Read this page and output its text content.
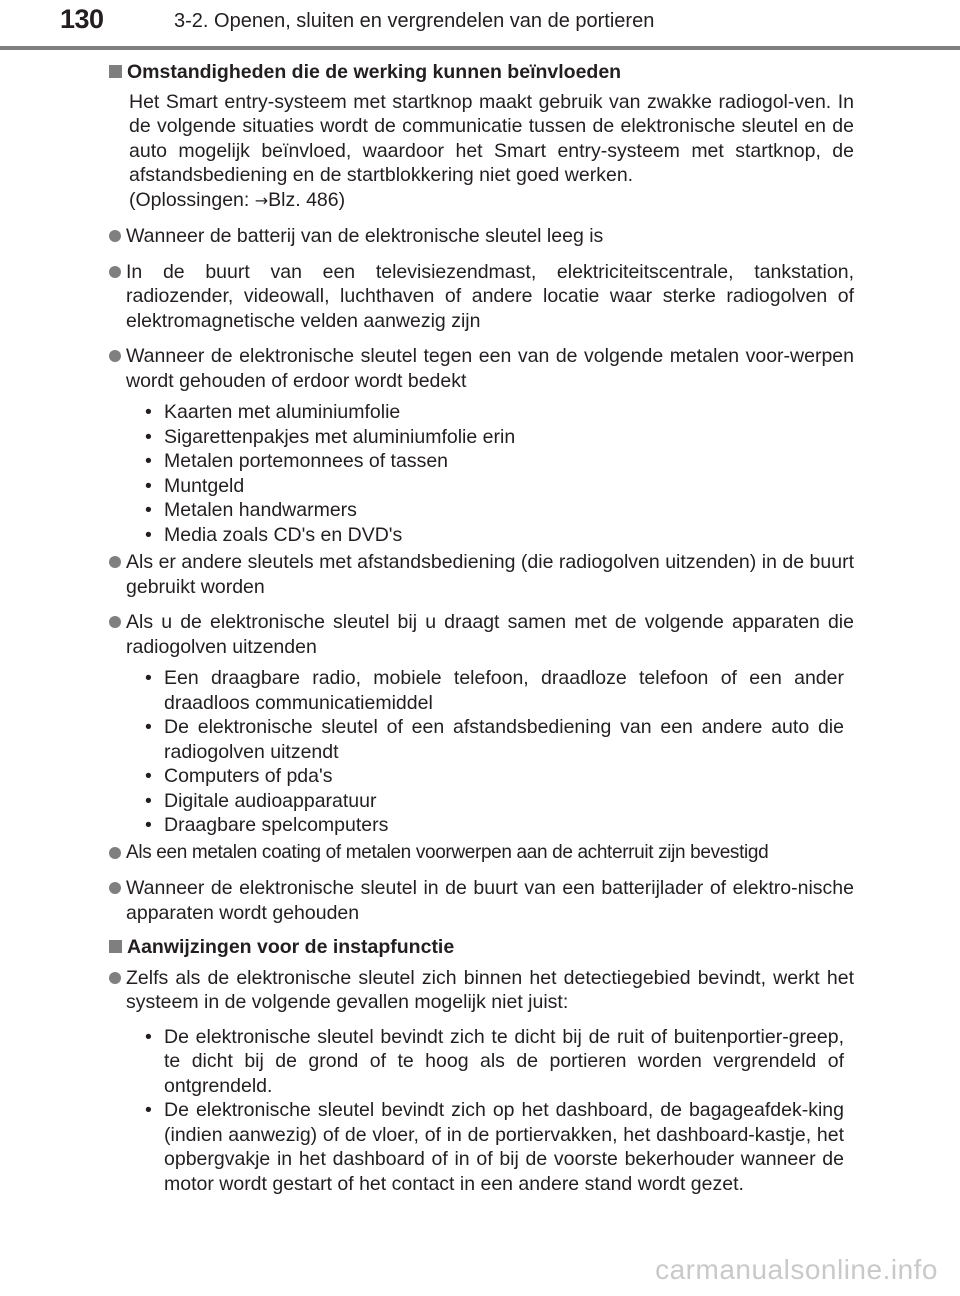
130	3-2. Openen, sluiten en vergrendelen van de portieren
Omstandigheden die de werking kunnen beïnvloeden
Het Smart entry-systeem met startknop maakt gebruik van zwakke radiogol-ven. In de volgende situaties wordt de communicatie tussen de elektronische sleutel en de auto mogelijk beïnvloed, waardoor het Smart entry-systeem met startknop, de afstandsbediening en de startblokkering niet goed werken.
(Oplossingen: →Blz. 486)
Wanneer de batterij van de elektronische sleutel leeg is
In de buurt van een televisiezendmast, elektriciteitscentrale, tankstation, radiozender, videowall, luchthaven of andere locatie waar sterke radiogolven of elektromagnetische velden aanwezig zijn
Wanneer de elektronische sleutel tegen een van de volgende metalen voor-werpen wordt gehouden of erdoor wordt bedekt
• Kaarten met aluminiumfolie
• Sigarettenpakjes met aluminiumfolie erin
• Metalen portemonnees of tassen
• Muntgeld
• Metalen handwarmers
• Media zoals CD's en DVD's
Als er andere sleutels met afstandsbediening (die radiogolven uitzenden) in de buurt gebruikt worden
Als u de elektronische sleutel bij u draagt samen met de volgende apparaten die radiogolven uitzenden
• Een draagbare radio, mobiele telefoon, draadloze telefoon of een ander draadloos communicatiemiddel
• De elektronische sleutel of een afstandsbediening van een andere auto die radiogolven uitzendt
• Computers of pda's
• Digitale audioapparatuur
• Draagbare spelcomputers
Als een metalen coating of metalen voorwerpen aan de achterruit zijn bevestigd
Wanneer de elektronische sleutel in de buurt van een batterijlader of elektro-nische apparaten wordt gehouden
Aanwijzingen voor de instapfunctie
Zelfs als de elektronische sleutel zich binnen het detectiegebied bevindt, werkt het systeem in de volgende gevallen mogelijk niet juist:
• De elektronische sleutel bevindt zich te dicht bij de ruit of buitenportier-greep, te dicht bij de grond of te hoog als de portieren worden vergrendeld of ontgrendeld.
• De elektronische sleutel bevindt zich op het dashboard, de bagageafdek-king (indien aanwezig) of de vloer, of in de portiervakken, het dashboard-kastje, het opbergvakje in het dashboard of in of bij de voorste bekerhouder wanneer de motor wordt gestart of het contact in een andere stand wordt gezet.
carmanualsonline.info
